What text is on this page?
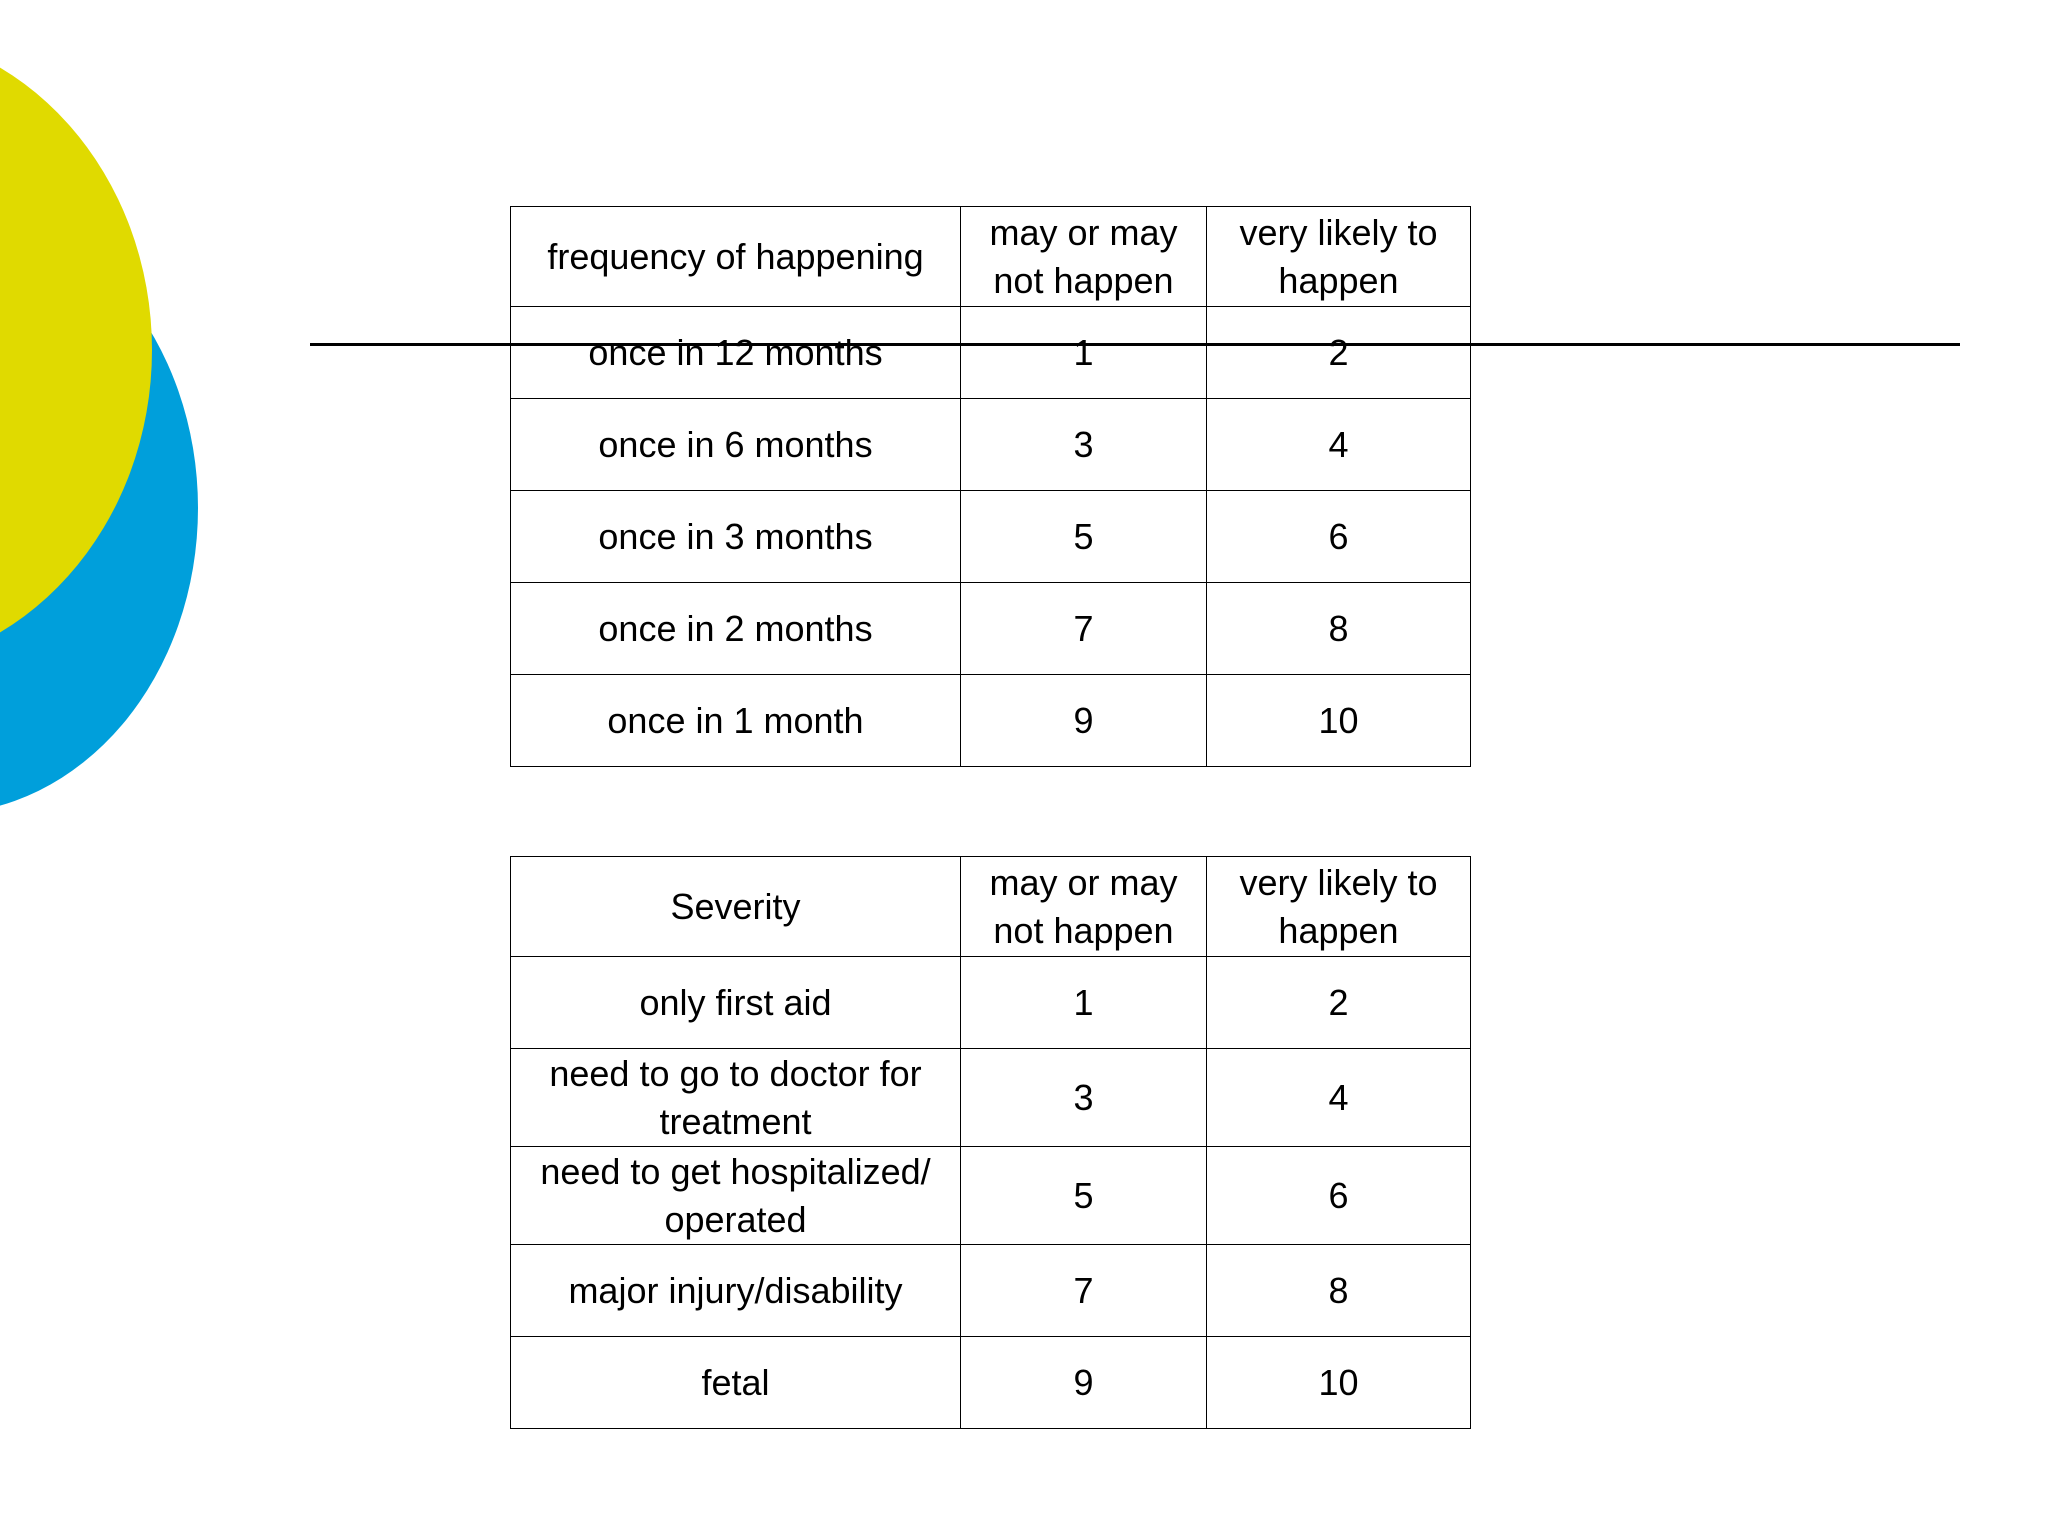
frequency of happening	may or may not happen	very likely to happen
once in 12 months	1	2
once in 6 months	3	4
once in 3 months	5	6
once in 2 months	7	8
once in 1 month	9	10
Severity	may or may not happen	very likely to happen
only first aid	1	2
need to go to doctor for treatment	3	4
need to get hospitalized/ operated	5	6
major injury/disability	7	8
fetal	9	10
